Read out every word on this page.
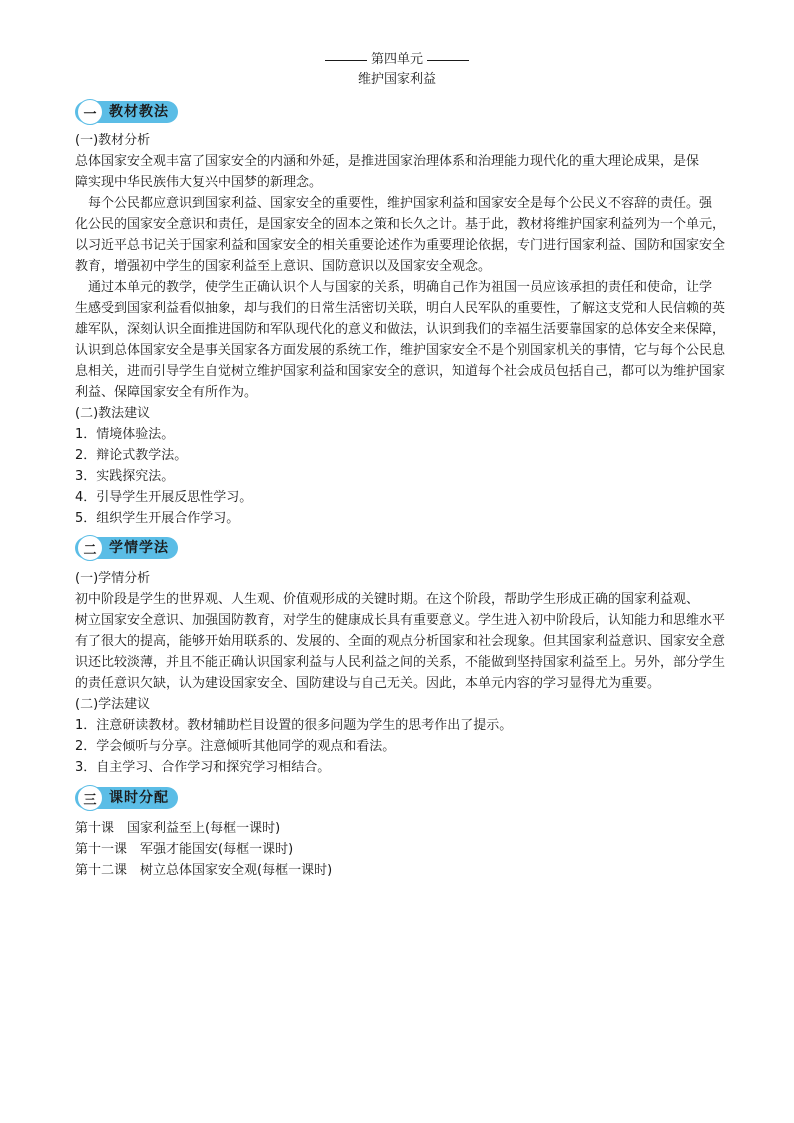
第四单元
维护国家利益
一 教材教法
(一)教材分析
总体国家安全观丰富了国家安全的内涵和外延，是推进国家治理体系和治理能力现代化的重大理论成果，是保
障实现中华民族伟大复兴中国梦的新理念。
每个公民都应意识到国家利益、国家安全的重要性，维护国家利益和国家安全是每个公民义不容辞的责任。强
化公民的国家安全意识和责任，是国家安全的固本之策和长久之计。基于此，教材将维护国家利益列为一个单元，
以习近平总书记关于国家利益和国家安全的相关重要论述作为重要理论依据，专门进行国家利益、国防和国家安全
教育，增强初中学生的国家利益至上意识、国防意识以及国家安全观念。
通过本单元的教学，使学生正确认识个人与国家的关系，明确自己作为祖国一员应该承担的责任和使命，让学
生感受到国家利益看似抽象，却与我们的日常生活密切关联，明白人民军队的重要性，了解这支党和人民信赖的英
雄军队，深刻认识全面推进国防和军队现代化的意义和做法，认识到我们的幸福生活要靠国家的总体安全来保障，
认识到总体国家安全是事关国家各方面发展的系统工作，维护国家安全不是个别国家机关的事情，它与每个公民息
息相关，进而引导学生自觉树立维护国家利益和国家安全的意识，知道每个社会成员包括自己，都可以为维护国家
利益、保障国家安全有所作为。
(二)教法建议
1．情境体验法。
2．辩论式教学法。
3．实践探究法。
4．引导学生开展反思性学习。
5．组织学生开展合作学习。
二 学情学法
(一)学情分析
初中阶段是学生的世界观、人生观、价值观形成的关键时期。在这个阶段，帮助学生形成正确的国家利益观、
树立国家安全意识、加强国防教育，对学生的健康成长具有重要意义。学生进入初中阶段后，认知能力和思维水平
有了很大的提高，能够开始用联系的、发展的、全面的观点分析国家和社会现象。但其国家利益意识、国家安全意
识还比较淡薄，并且不能正确认识国家利益与人民利益之间的关系，不能做到坚持国家利益至上。另外，部分学生
的责任意识欠缺，认为建设国家安全、国防建设与自己无关。因此，本单元内容的学习显得尤为重要。
(二)学法建议
1．注意研读教材。教材辅助栏目设置的很多问题为学生的思考作出了提示。
2．学会倾听与分享。注意倾听其他同学的观点和看法。
3．自主学习、合作学习和探究学习相结合。
三 课时分配
第十课　国家利益至上(每框一课时)
第十一课　军强才能国安(每框一课时)
第十二课　树立总体国家安全观(每框一课时)
